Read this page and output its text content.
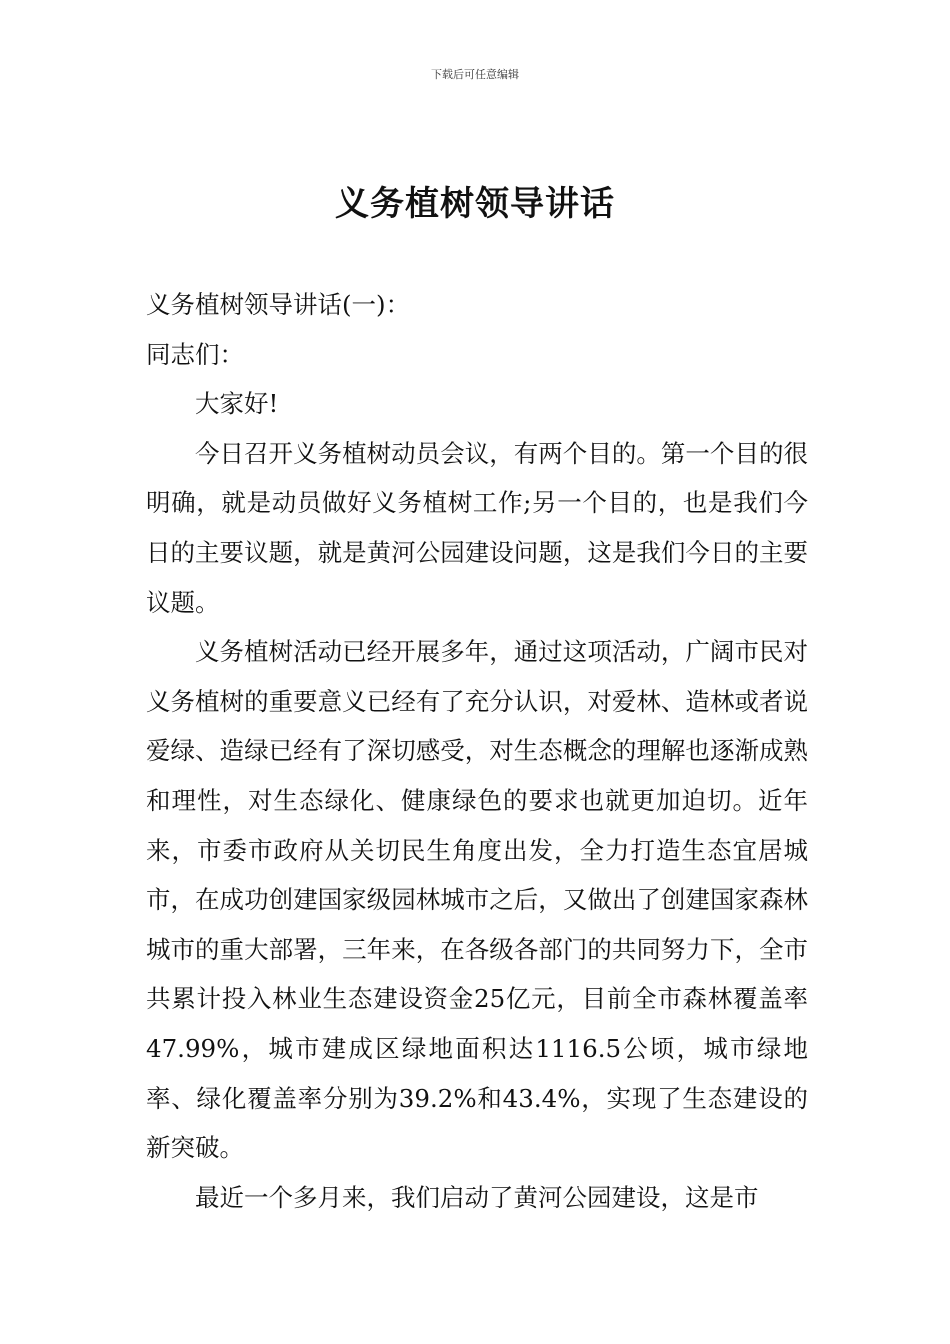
下载后可任意编辑
义务植树领导讲话

义务植树领导讲话(一)：

同志们：

大家好!

今日召开义务植树动员会议，有两个目的。第一个目的很明确，就是动员做好义务植树工作;另一个目的，也是我们今日的主要议题，就是黄河公园建设问题，这是我们今日的主要议题。

义务植树活动已经开展多年，通过这项活动，广阔市民对义务植树的重要意义已经有了充分认识，对爱林、造林或者说爱绿、造绿已经有了深切感受，对生态概念的理解也逐渐成熟和理性，对生态绿化、健康绿色的要求也就更加迫切。近年来，市委市政府从关切民生角度出发，全力打造生态宜居城市，在成功创建国家级园林城市之后，又做出了创建国家森林城市的重大部署，三年来，在各级各部门的共同努力下，全市共累计投入林业生态建设资金25亿元，目前全市森林覆盖率47.99%，城市建成区绿地面积达1116.5公顷，城市绿地率、绿化覆盖率分别为39.2%和43.4%，实现了生态建设的新突破。

最近一个多月来，我们启动了黄河公园建设，这是市
